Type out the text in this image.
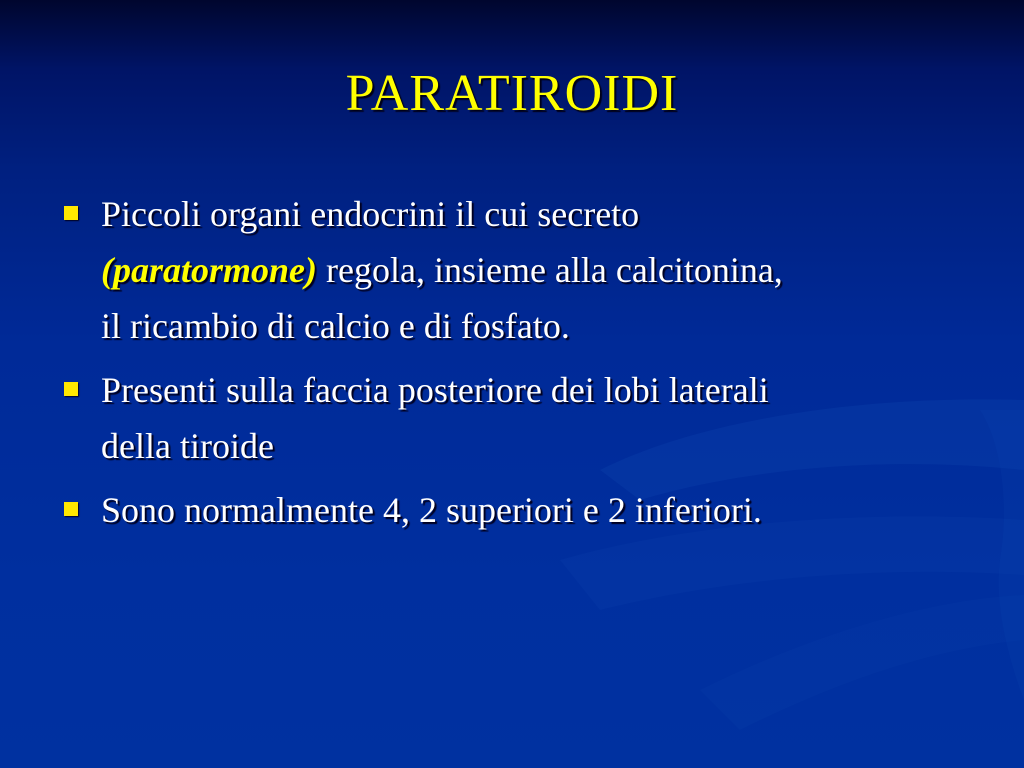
PARATIROIDI
Piccoli organi endocrini il cui secreto
(paratormone) regola, insieme alla calcitonina,
il ricambio di calcio e di fosfato.
Presenti sulla faccia posteriore dei lobi laterali
della tiroide
Sono normalmente 4, 2 superiori e 2 inferiori.
